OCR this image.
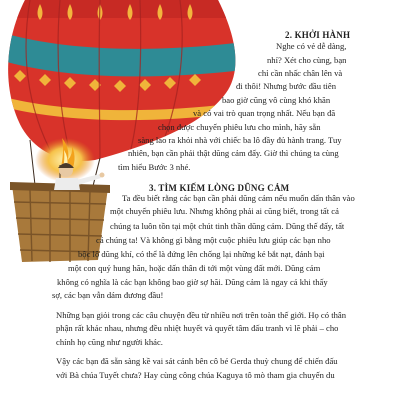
2. KHỞI HÀNH

Nghe có vẻ dễ dàng,

nhỉ? Xét cho cùng, bạn

chỉ cần nhấc chân lên và

đi thôi! Nhưng bước đầu tiên

bao giờ cũng vô cùng khó khăn

và có vai trò quan trọng nhất. Nếu bạn đã

chọn được chuyến phiêu lưu cho mình, hãy sẵn

sàng lao ra khỏi nhà với chiếc ba lô đầy đủ hành trang. Tuy

nhiên, bạn cần phải thật dũng cảm đấy. Giờ thì chúng ta cùng

tìm hiểu Bước 3 nhé.

3. TÌM KIẾM LÒNG DŨNG CẢM

Ta đều biết rằng các bạn cần phải dũng cảm nếu muốn dấn thân vào

một chuyến phiêu lưu. Nhưng không phải ai cũng biết, trong tất cả

chúng ta luôn tồn tại một chút tinh thần dũng cảm. Dũng thế đấy, tất

cả chúng ta! Và không gì bằng một cuộc phiêu lưu giúp các bạn nho

bộc lộ dũng khí, có thể là đứng lên chống lại những kẻ bắt nạt, đánh bại

một con quỷ hung hãn, hoặc dấn thân đi tới một vùng đất mới. Dũng cảm

không có nghĩa là các bạn không bao giờ sợ hãi. Dũng cảm là ngay cả khi thấy

sợ, các bạn vẫn dám đương đầu!

Những bạn giỏi trong các câu chuyện đều từ nhiều nơi trên toàn thế giới. Họ có thân

phận rất khác nhau, nhưng đều nhiệt huyết và quyết tâm đấu tranh vì lẽ phải – cho

chính họ cũng như người khác.

Vậy các bạn đã sẵn sàng kề vai sát cánh bên cô bé Gerda thuỳ chung để chiến đấu

với Bà chúa Tuyết chưa? Hay cùng công chúa Kaguya tô mò tham gia chuyến du
